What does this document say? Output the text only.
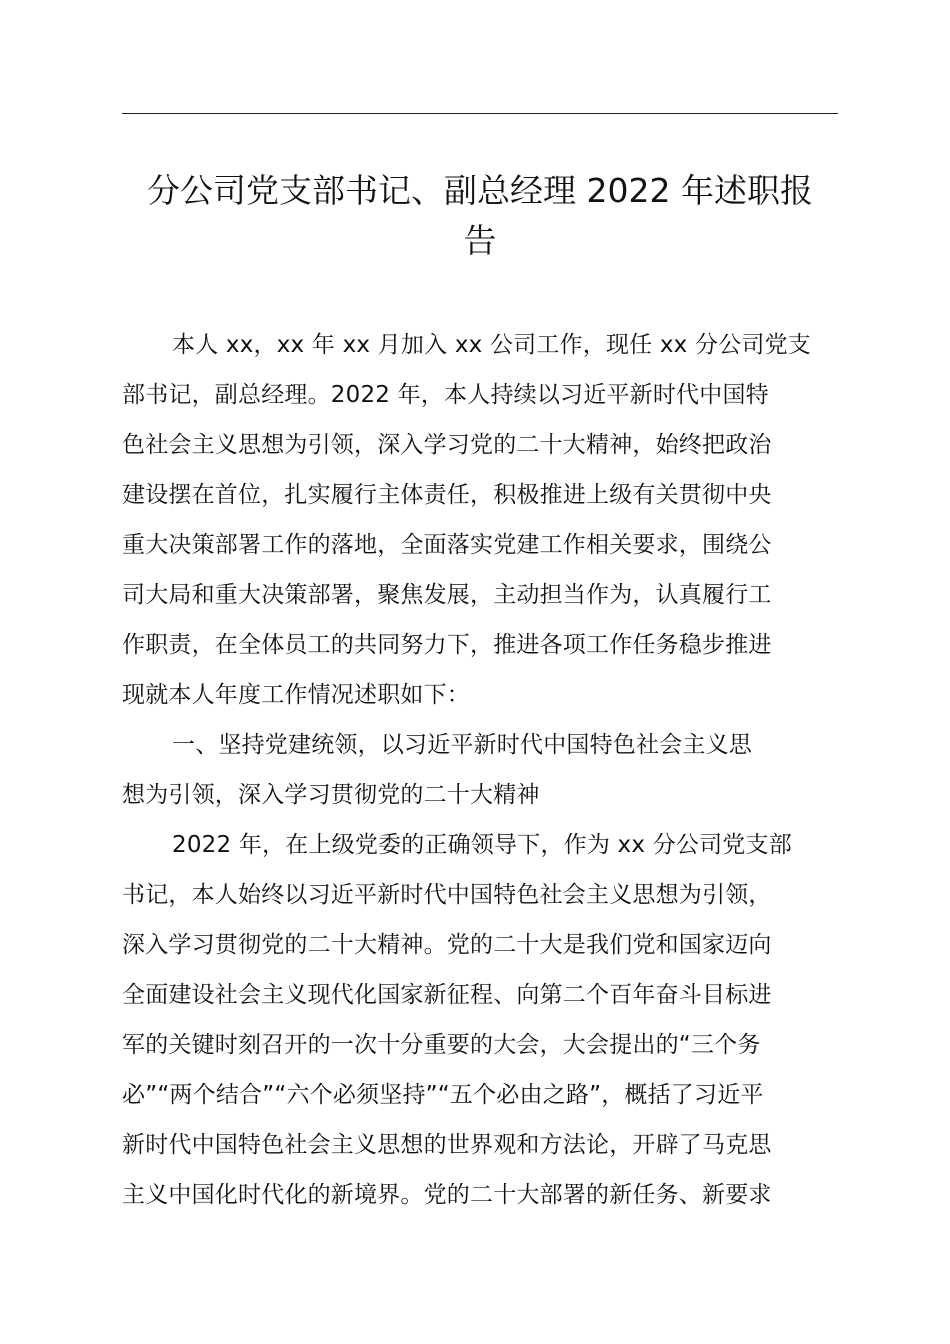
分公司党支部书记、副总经理 2022 年述职报
告
本人 xx，xx 年 xx 月加入 xx 公司工作，现任 xx 分公司党支
部书记，副总经理。2022 年，本人持续以习近平新时代中国特
色社会主义思想为引领，深入学习党的二十大精神，始终把政治
建设摆在首位，扎实履行主体责任，积极推进上级有关贯彻中央
重大决策部署工作的落地，全面落实党建工作相关要求，围绕公
司大局和重大决策部署，聚焦发展，主动担当作为，认真履行工
作职责，在全体员工的共同努力下，推进各项工作任务稳步推进
现就本人年度工作情况述职如下：
一、坚持党建统领，以习近平新时代中国特色社会主义思
想为引领，深入学习贯彻党的二十大精神
2022 年，在上级党委的正确领导下，作为 xx 分公司党支部
书记，本人始终以习近平新时代中国特色社会主义思想为引领，
深入学习贯彻党的二十大精神。党的二十大是我们党和国家迈向
全面建设社会主义现代化国家新征程、向第二个百年奋斗目标进
军的关键时刻召开的一次十分重要的大会，大会提出的“三个务
必”“两个结合”“六个必须坚持”“五个必由之路”，概括了习近平
新时代中国特色社会主义思想的世界观和方法论，开辟了马克思
主义中国化时代化的新境界。党的二十大部署的新任务、新要求
